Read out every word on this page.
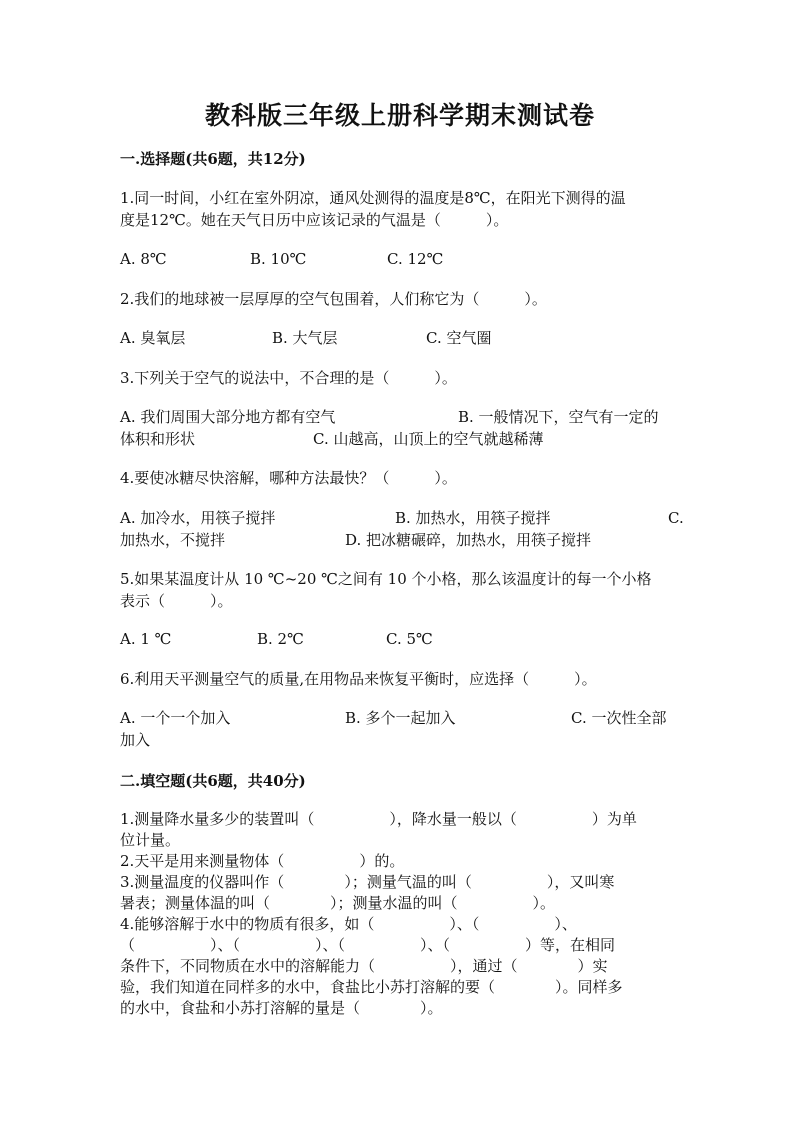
教科版三年级上册科学期末测试卷
一.选择题(共6题，共12分)
1.同一时间，小红在室外阴凉，通风处测得的温度是8℃，在阳光下测得的温
度是12℃。她在天气日历中应该记录的气温是（　　　）。
A. 8℃	B. 10℃	C. 12℃
2.我们的地球被一层厚厚的空气包围着，人们称它为（　　　）。
A. 臭氧层	B. 大气层	C. 空气圈
3.下列关于空气的说法中，不合理的是（　　　）。
A. 我们周围大部分地方都有空气	B. 一般情况下，空气有一定的
体积和形状	C. 山越高，山顶上的空气就越稀薄
4.要使冰糖尽快溶解，哪种方法最快？（　　　）。
A. 加冷水，用筷子搅拌	B. 加热水，用筷子搅拌	C.
加热水，不搅拌	D. 把冰糖碾碎，加热水，用筷子搅拌
5.如果某温度计从 10 ℃~20 ℃之间有 10 个小格，那么该温度计的每一个小格
表示（　　　）。
A. 1 ℃	B. 2℃	C. 5℃
6.利用天平测量空气的质量,在用物品来恢复平衡时，应选择（　　　）。
A. 一个一个加入	B. 多个一起加入	C. 一次性全部
加入
二.填空题(共6题，共40分)
1.测量降水量多少的装置叫（　　　　　），降水量一般以（　　　　　）为单
位计量。
2.天平是用来测量物体（　　　　　）的。
3.测量温度的仪器叫作（　　　　）；测量气温的叫（　　　　　），又叫寒
暑表；测量体温的叫（　　　　）；测量水温的叫（　　　　　）。
4.能够溶解于水中的物质有很多，如（　　　　　）、（　　　　　）、
（　　　　　）、（　　　　　）、（　　　　　）、（　　　　　）等，在相同
条件下，不同物质在水中的溶解能力（　　　　　），通过（　　　　）实
验，我们知道在同样多的水中，食盐比小苏打溶解的要（　　　　）。同样多
的水中，食盐和小苏打溶解的量是（　　　　）。
